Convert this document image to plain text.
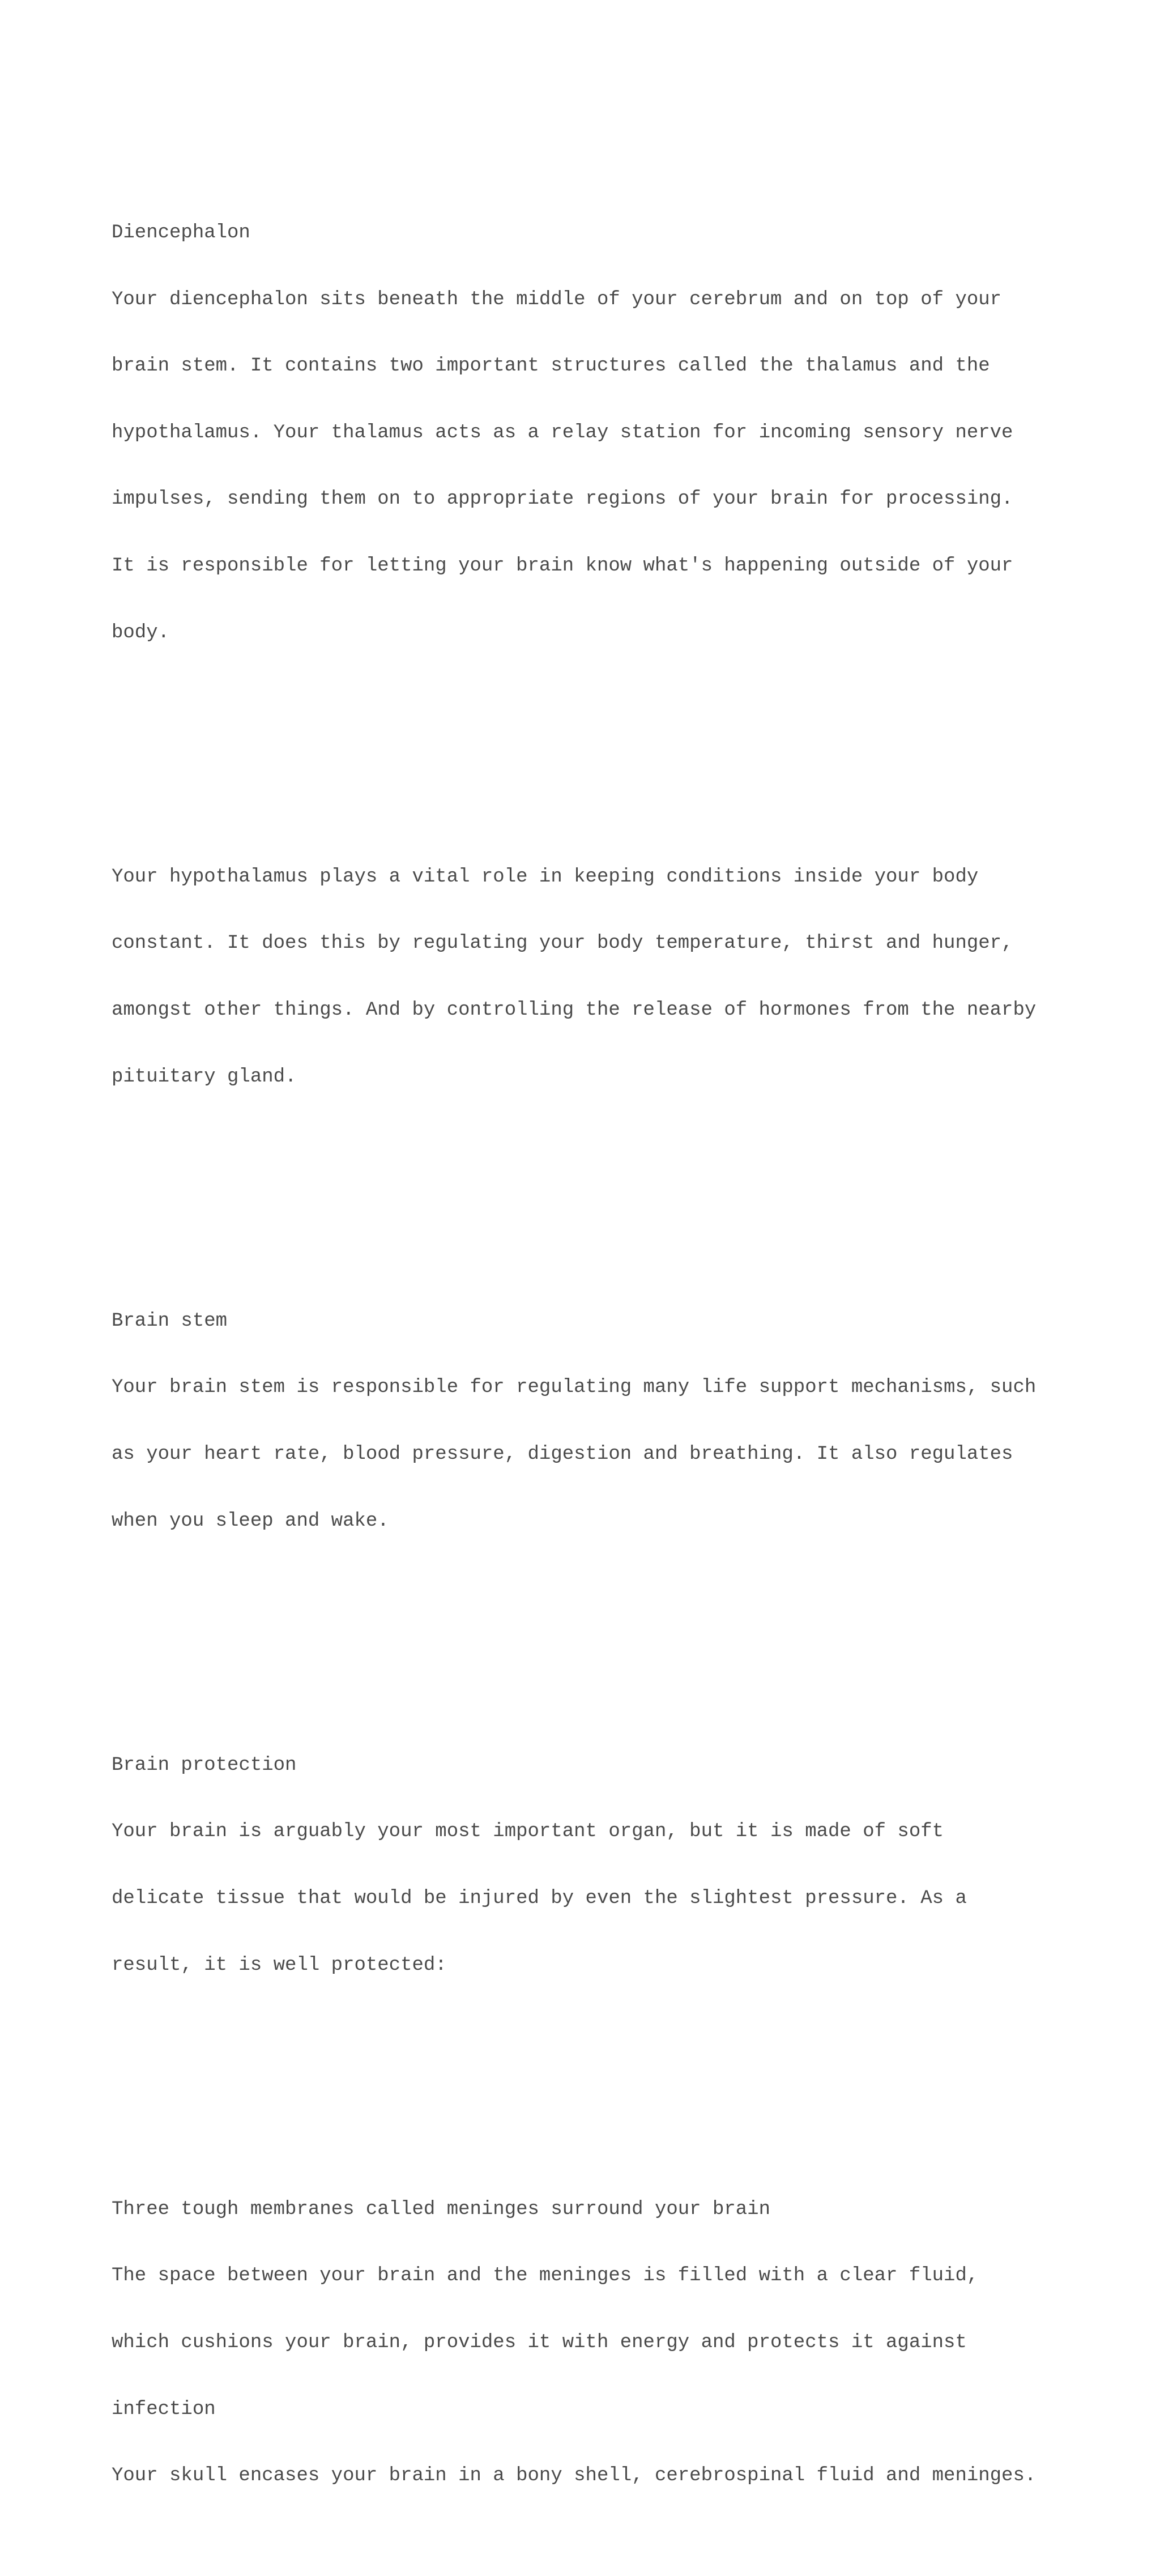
Diencephalon

Your diencephalon sits beneath the middle of your cerebrum and on top of your

brain stem. It contains two important structures called the thalamus and the

hypothalamus. Your thalamus acts as a relay station for incoming sensory nerve

impulses, sending them on to appropriate regions of your brain for processing.

It is responsible for letting your brain know what's happening outside of your

body.

Your hypothalamus plays a vital role in keeping conditions inside your body

constant. It does this by regulating your body temperature, thirst and hunger,

amongst other things. And by controlling the release of hormones from the nearby

pituitary gland.

Brain stem

Your brain stem is responsible for regulating many life support mechanisms, such

as your heart rate, blood pressure, digestion and breathing. It also regulates

when you sleep and wake.

Brain protection

Your brain is arguably your most important organ, but it is made of soft

delicate tissue that would be injured by even the slightest pressure. As a

result, it is well protected:

Three tough membranes called meninges surround your brain

The space between your brain and the meninges is filled with a clear fluid,

which cushions your brain, provides it with energy and protects it against

infection

Your skull encases your brain in a bony shell, cerebrospinal fluid and meninges.
